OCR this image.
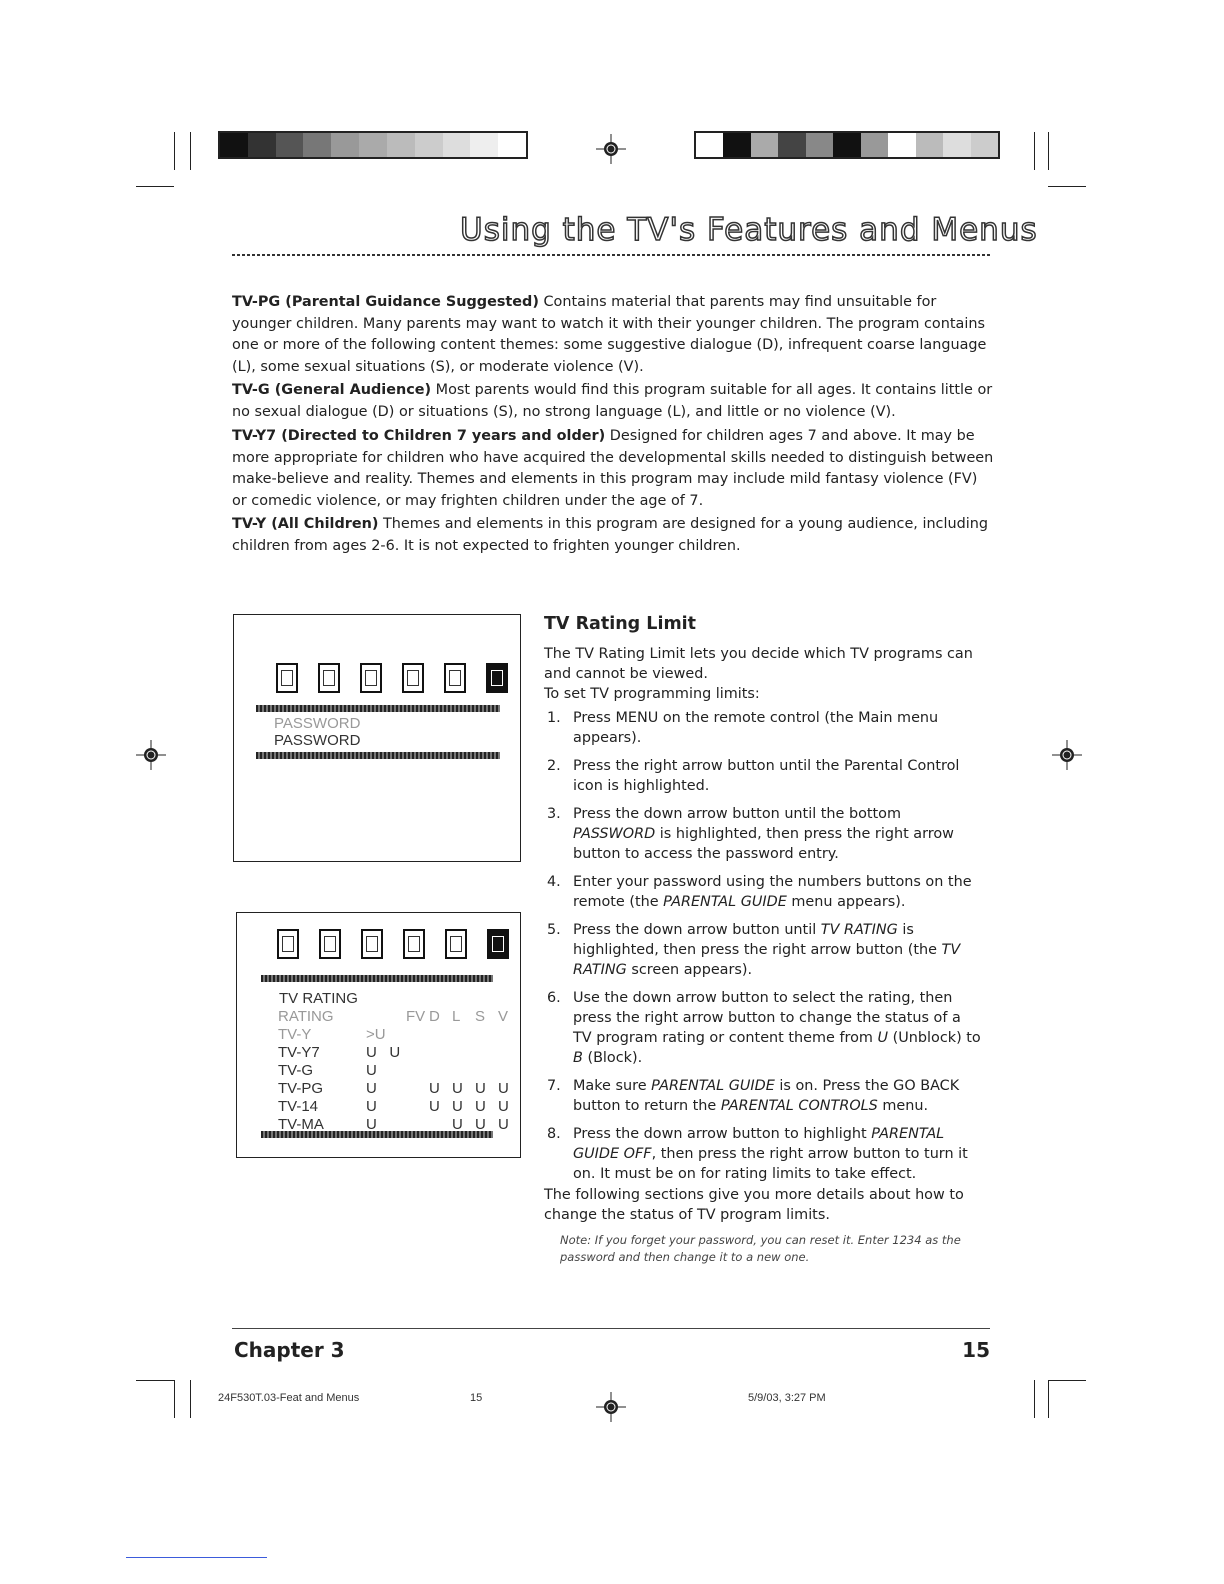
Using the TV's Features and Menus

TV-PG (Parental Guidance Suggested) Contains material that parents may find unsuitable for younger children. Many parents may want to watch it with their younger children. The program contains one or more of the following content themes: some suggestive dialogue (D), infrequent coarse language (L), some sexual situations (S), or moderate violence (V).

TV-G (General Audience) Most parents would find this program suitable for all ages. It contains little or no sexual dialogue (D) or situations (S), no strong language (L), and little or no violence (V).

TV-Y7 (Directed to Children 7 years and older) Designed for children ages 7 and above. It may be more appropriate for children who have acquired the developmental skills needed to distinguish between make-believe and reality. Themes and elements in this program may include mild fantasy violence (FV) or comedic violence, or may frighten children under the age of 7.

TV-Y (All Children) Themes and elements in this program are designed for a young audience, including children from ages 2-6. It is not expected to frighten younger children.

PASSWORD
PASSWORD
TV RATING
RATING		FV	D	L	S	V
TV-Y	>U					
TV-Y7	U U					
TV-G	U					
TV-PG	U		U	U	U	U
TV-14	U		U	U	U	U
TV-MA	U			U	U	U
TV Rating Limit

The TV Rating Limit lets you decide which TV programs can and cannot be viewed.

To set TV programming limits:

1. Press MENU on the remote control (the Main menu appears).
2. Press the right arrow button until the Parental Control icon is highlighted.
3. Press the down arrow button until the bottom PASSWORD is highlighted, then press the right arrow button to access the password entry.
4. Enter your password using the numbers buttons on the remote (the PARENTAL GUIDE menu appears).
5. Press the down arrow button until TV RATING is highlighted, then press the right arrow button (the TV RATING screen appears).
6. Use the down arrow button to select the rating, then press the right arrow button to change the status of a TV program rating or content theme from U (Unblock) to B (Block).
7. Make sure PARENTAL GUIDE is on. Press the GO BACK button to return the PARENTAL CONTROLS menu.
8. Press the down arrow button to highlight PARENTAL GUIDE OFF, then press the right arrow button to turn it on. It must be on for rating limits to take effect.

The following sections give you more details about how to change the status of TV program limits.

Note: If you forget your password, you can reset it. Enter 1234 as the password and then change it to a new one.

Chapter 3	15
24F530T.03-Feat and Menus	15	5/9/03, 3:27 PM
